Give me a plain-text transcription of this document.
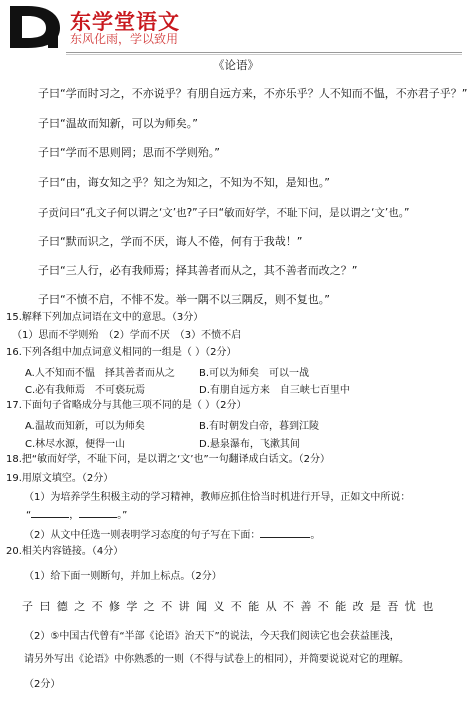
东学堂语文
东风化雨，学以致用
《论语》
子曰“学而时习之，不亦说乎？有朋自远方来，不亦乐乎？人不知而不愠，不亦君子乎？”
子曰“温故而知新，可以为师矣。”
子曰“学而不思则罔；思而不学则殆。”
子曰“由，诲女知之乎？知之为知之，不知为不知，是知也。”
子贡问曰“孔文子何以谓之‘文’也?”子曰“敏而好学，不耻下问，是以谓之‘文’也。”
子曰“默而识之，学而不厌，诲人不倦，何有于我哉！”
子曰“三人行，必有我师焉；择其善者而从之，其不善者而改之？”
子曰“不愤不启，不悱不发。举一隅不以三隅反，则不复也。”
15.解释下列加点词语在文中的意思。（3分）
（1）思而不学则殆　（2）学而不厌　（3）不愤不启
16.下列各组中加点词意义相同的一组是（ ）（2分）
A.人不知而不愠　择其善者而从之 B.可以为师矣　可以一战
C.必有我师焉　不可亵玩焉	D.有朋自远方来　自三峡七百里中
17.下面句子省略成分与其他三项不同的是（ ）（2分）
A.温故而知新，可以为师矣	B.有时朝发白帝，暮到江陵
C.林尽水源，便得一山	D.悬泉瀑布，飞漱其间
18.把“敏而好学，不耻下问，是以谓之‘文’也”一句翻译成白话文。（2分）
19.用原文填空。（2分）
（1）为培养学生积极主动的学习精神，教师应抓住恰当时机进行开导，正如文中所说：
“	，	。”
（2）从文中任选一则表明学习态度的句子写在下面：	。
20.相关内容链接。（4分）
（1）给下面一则断句，并加上标点。（2分）
子曰德之不修学之不讲闻义不能从不善不能改是吾忧也
（2）⑤中国古代曾有“半部《论语》治天下”的说法，今天我们阅读它也会获益匪浅，
请另外写出《论语》中你熟悉的一则（不得与试卷上的相同），并简要说说对它的理解。
（2分）
